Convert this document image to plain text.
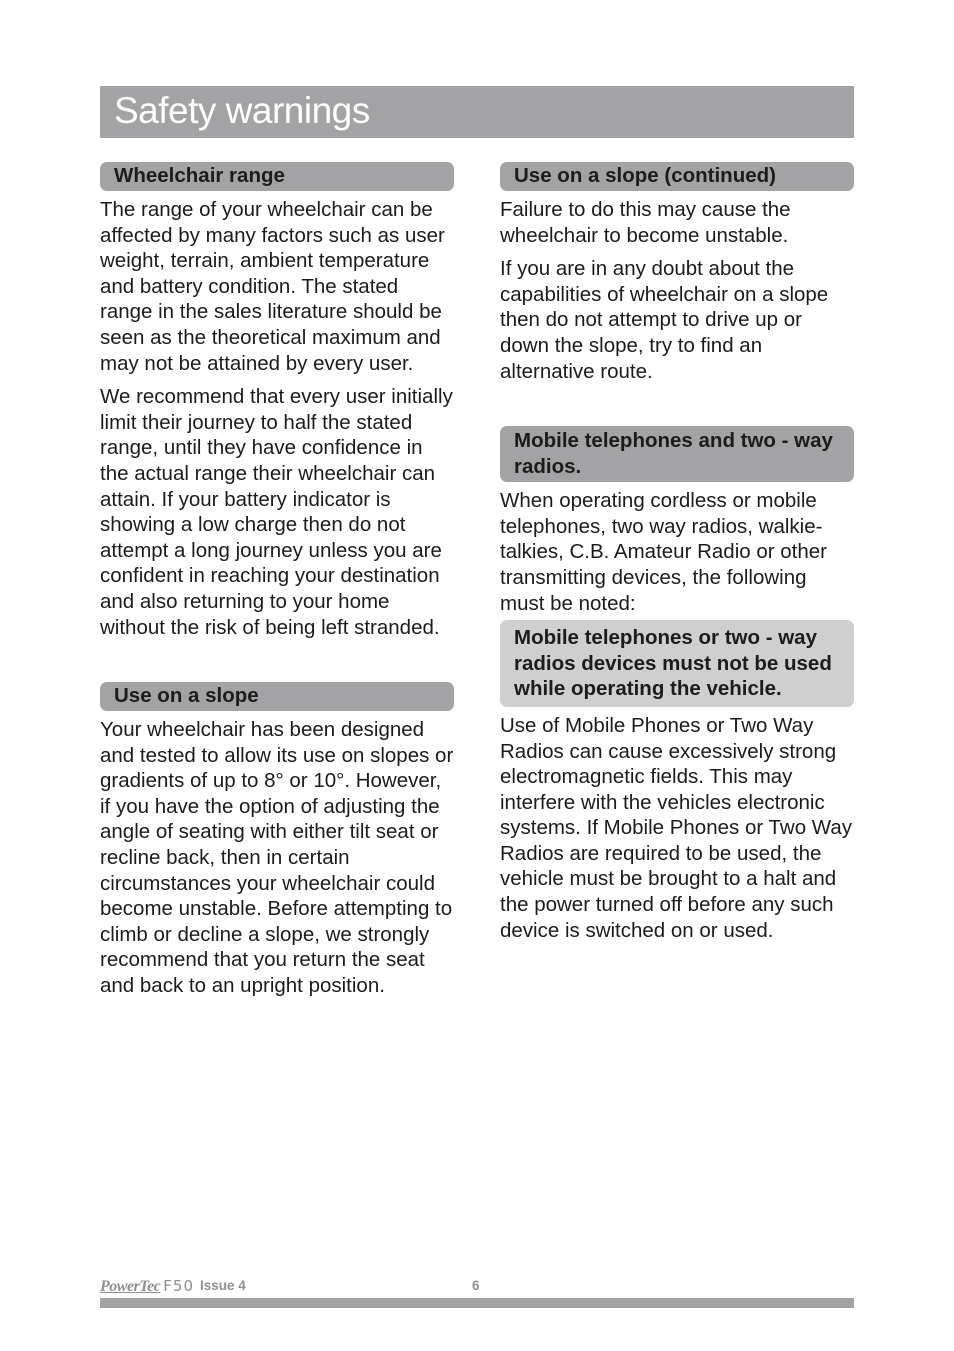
Safety warnings
Wheelchair range

The range of your wheelchair can be affected by many factors such as user weight, terrain, ambient temperature and battery condition. The stated range in the sales literature should be seen as the theoretical maximum and may not be attained by every user.

We recommend that every user initially limit their journey to half the stated range, until they have confidence in the actual range their wheelchair can attain. If your battery indicator is showing a low charge then do not attempt a long journey unless you are confident in reaching your destination and also returning to your home without the risk of being left stranded.

Use on a slope

Your wheelchair has been designed and tested to allow its use on slopes or gradients of up to 8° or 10°. However, if you have the option of adjusting the angle of seating with either tilt seat or recline back, then in certain circumstances your wheelchair could become unstable. Before attempting to climb or decline a slope, we strongly recommend that you return the seat and back to an upright position.

Use on a slope (continued)

Failure to do this may cause the wheelchair to become unstable.

If you are in any doubt about the capabilities of wheelchair on a slope then do not attempt to drive up or down the slope, try to find an alternative route.

Mobile telephones and two - way radios.

When operating cordless or mobile telephones, two way radios, walkie-talkies, C.B. Amateur Radio or other transmitting devices, the following must be noted:

Mobile telephones or two - way radios devices must not be used while operating the vehicle.

Use of Mobile Phones or Two Way Radios can cause excessively strong electromagnetic fields. This may interfere with the vehicles electronic systems. If Mobile Phones or Two Way Radios are required to be used, the vehicle must be brought to a halt and the power turned off before any such device is switched on or used.

PowerTec F50 Issue 4	6
